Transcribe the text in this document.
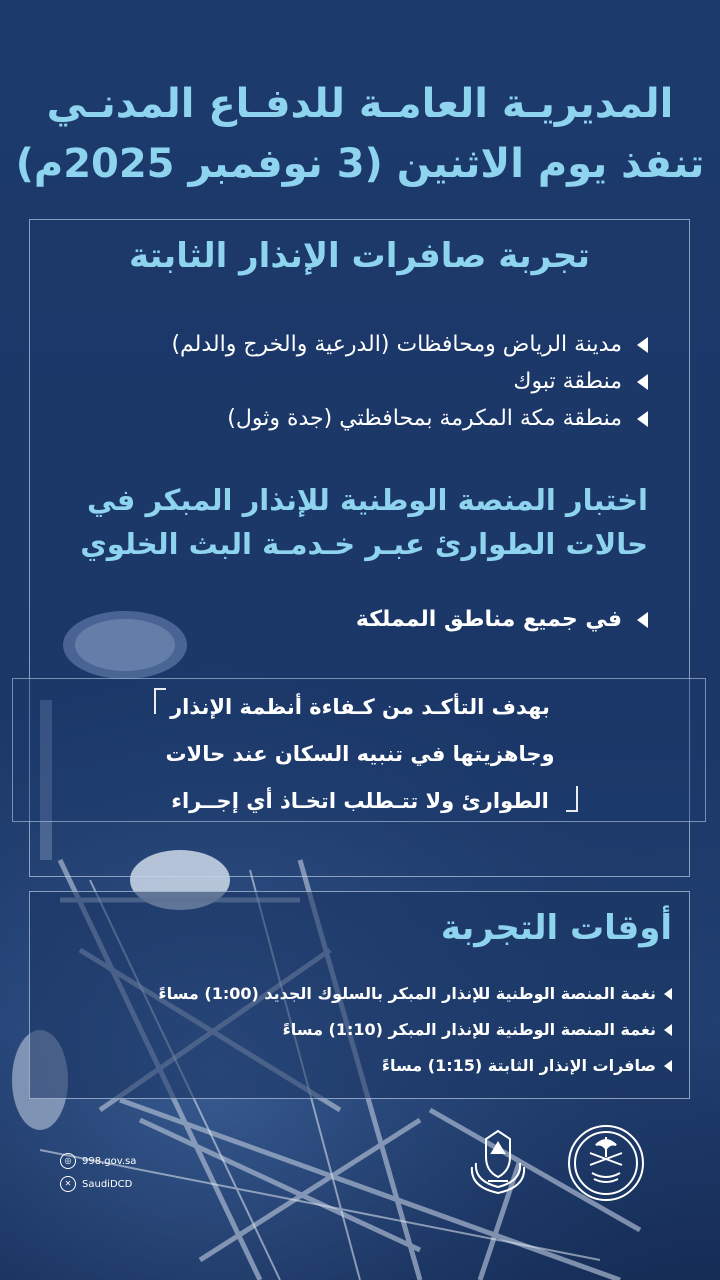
المديريـة العامـة للدفـاع المدنـي
تنفذ يوم الاثنين (3 نوفمبر 2025م)
تجربة صافرات الإنذار الثابتة
مدينة الرياض ومحافظات (الدرعية والخرج والدلم)
منطقة تبوك
منطقة مكة المكرمة بمحافظتي (جدة وثول)
اختبار المنصة الوطنية للإنذار المبكر في
حالات الطوارئ عبـر خـدمـة البث الخلوي
في جميع مناطق المملكة
بهدف التأكـد من كـفاءة أنظمة الإنذار
وجاهزيتها في تنبيه السكان عند حالات
الطوارئ ولا تتـطلب اتخـاذ أي إجــراء
أوقات التجربة
نغمة المنصة الوطنية للإنذار المبكر بالسلوك الجديد (1:00) مساءً
نغمة المنصة الوطنية للإنذار المبكر (1:10) مساءً
صافرات الإنذار الثابتة (1:15) مساءً
◎	998.gov.sa
✕	SaudiDCD
